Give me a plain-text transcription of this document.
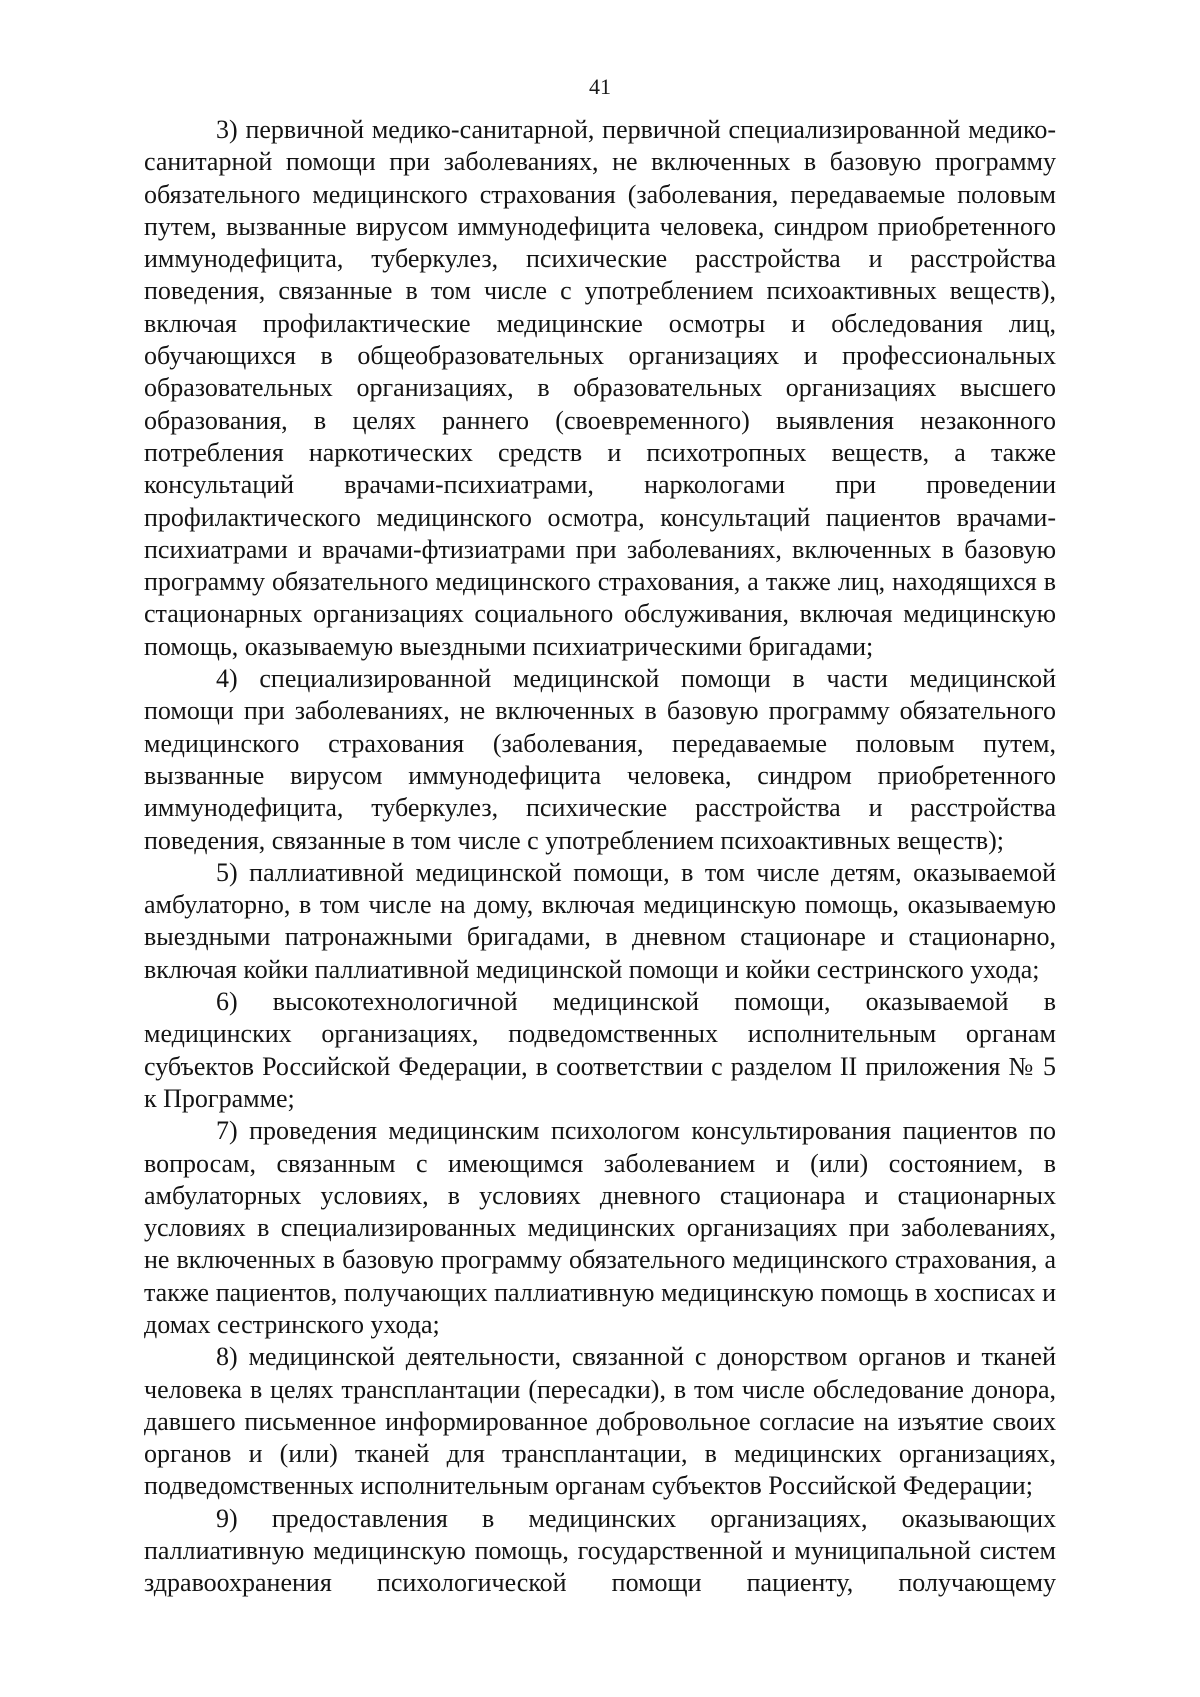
41

3) первичной медико-санитарной, первичной специализированной медико-санитарной помощи при заболеваниях, не включенных в базовую программу обязательного медицинского страхования (заболевания, передаваемые половым путем, вызванные вирусом иммунодефицита человека, синдром приобретенного иммунодефицита, туберкулез, психические расстройства и расстройства поведения, связанные в том числе с употреблением психоактивных веществ), включая профилактические медицинские осмотры и обследования лиц, обучающихся в общеобразовательных организациях и профессиональных образовательных организациях, в образовательных организациях высшего образования, в целях раннего (своевременного) выявления незаконного потребления наркотических средств и психотропных веществ, а также консультаций врачами-психиатрами, наркологами при проведении профилактического медицинского осмотра, консультаций пациентов врачами-психиатрами и врачами-фтизиатрами при заболеваниях, включенных в базовую программу обязательного медицинского страхования, а также лиц, находящихся в стационарных организациях социального обслуживания, включая медицинскую помощь, оказываемую выездными психиатрическими бригадами;

4) специализированной медицинской помощи в части медицинской помощи при заболеваниях, не включенных в базовую программу обязательного медицинского страхования (заболевания, передаваемые половым путем, вызванные вирусом иммунодефицита человека, синдром приобретенного иммунодефицита, туберкулез, психические расстройства и расстройства поведения, связанные в том числе с употреблением психоактивных веществ);

5) паллиативной медицинской помощи, в том числе детям, оказываемой амбулаторно, в том числе на дому, включая медицинскую помощь, оказываемую выездными патронажными бригадами, в дневном стационаре и стационарно, включая койки паллиативной медицинской помощи и койки сестринского ухода;

6) высокотехнологичной медицинской помощи, оказываемой в медицинских организациях, подведомственных исполнительным органам субъектов Российской Федерации, в соответствии с разделом II приложения № 5 к Программе;

7) проведения медицинским психологом консультирования пациентов по вопросам, связанным с имеющимся заболеванием и (или) состоянием, в амбулаторных условиях, в условиях дневного стационара и стационарных условиях в специализированных медицинских организациях при заболеваниях, не включенных в базовую программу обязательного медицинского страхования, а также пациентов, получающих паллиативную медицинскую помощь в хосписах и домах сестринского ухода;

8) медицинской деятельности, связанной с донорством органов и тканей человека в целях трансплантации (пересадки), в том числе обследование донора, давшего письменное информированное добровольное согласие на изъятие своих органов и (или) тканей для трансплантации, в медицинских организациях, подведомственных исполнительным органам субъектов Российской Федерации;

9) предоставления в медицинских организациях, оказывающих паллиативную медицинскую помощь, государственной и муниципальной систем здравоохранения психологической помощи пациенту, получающему
